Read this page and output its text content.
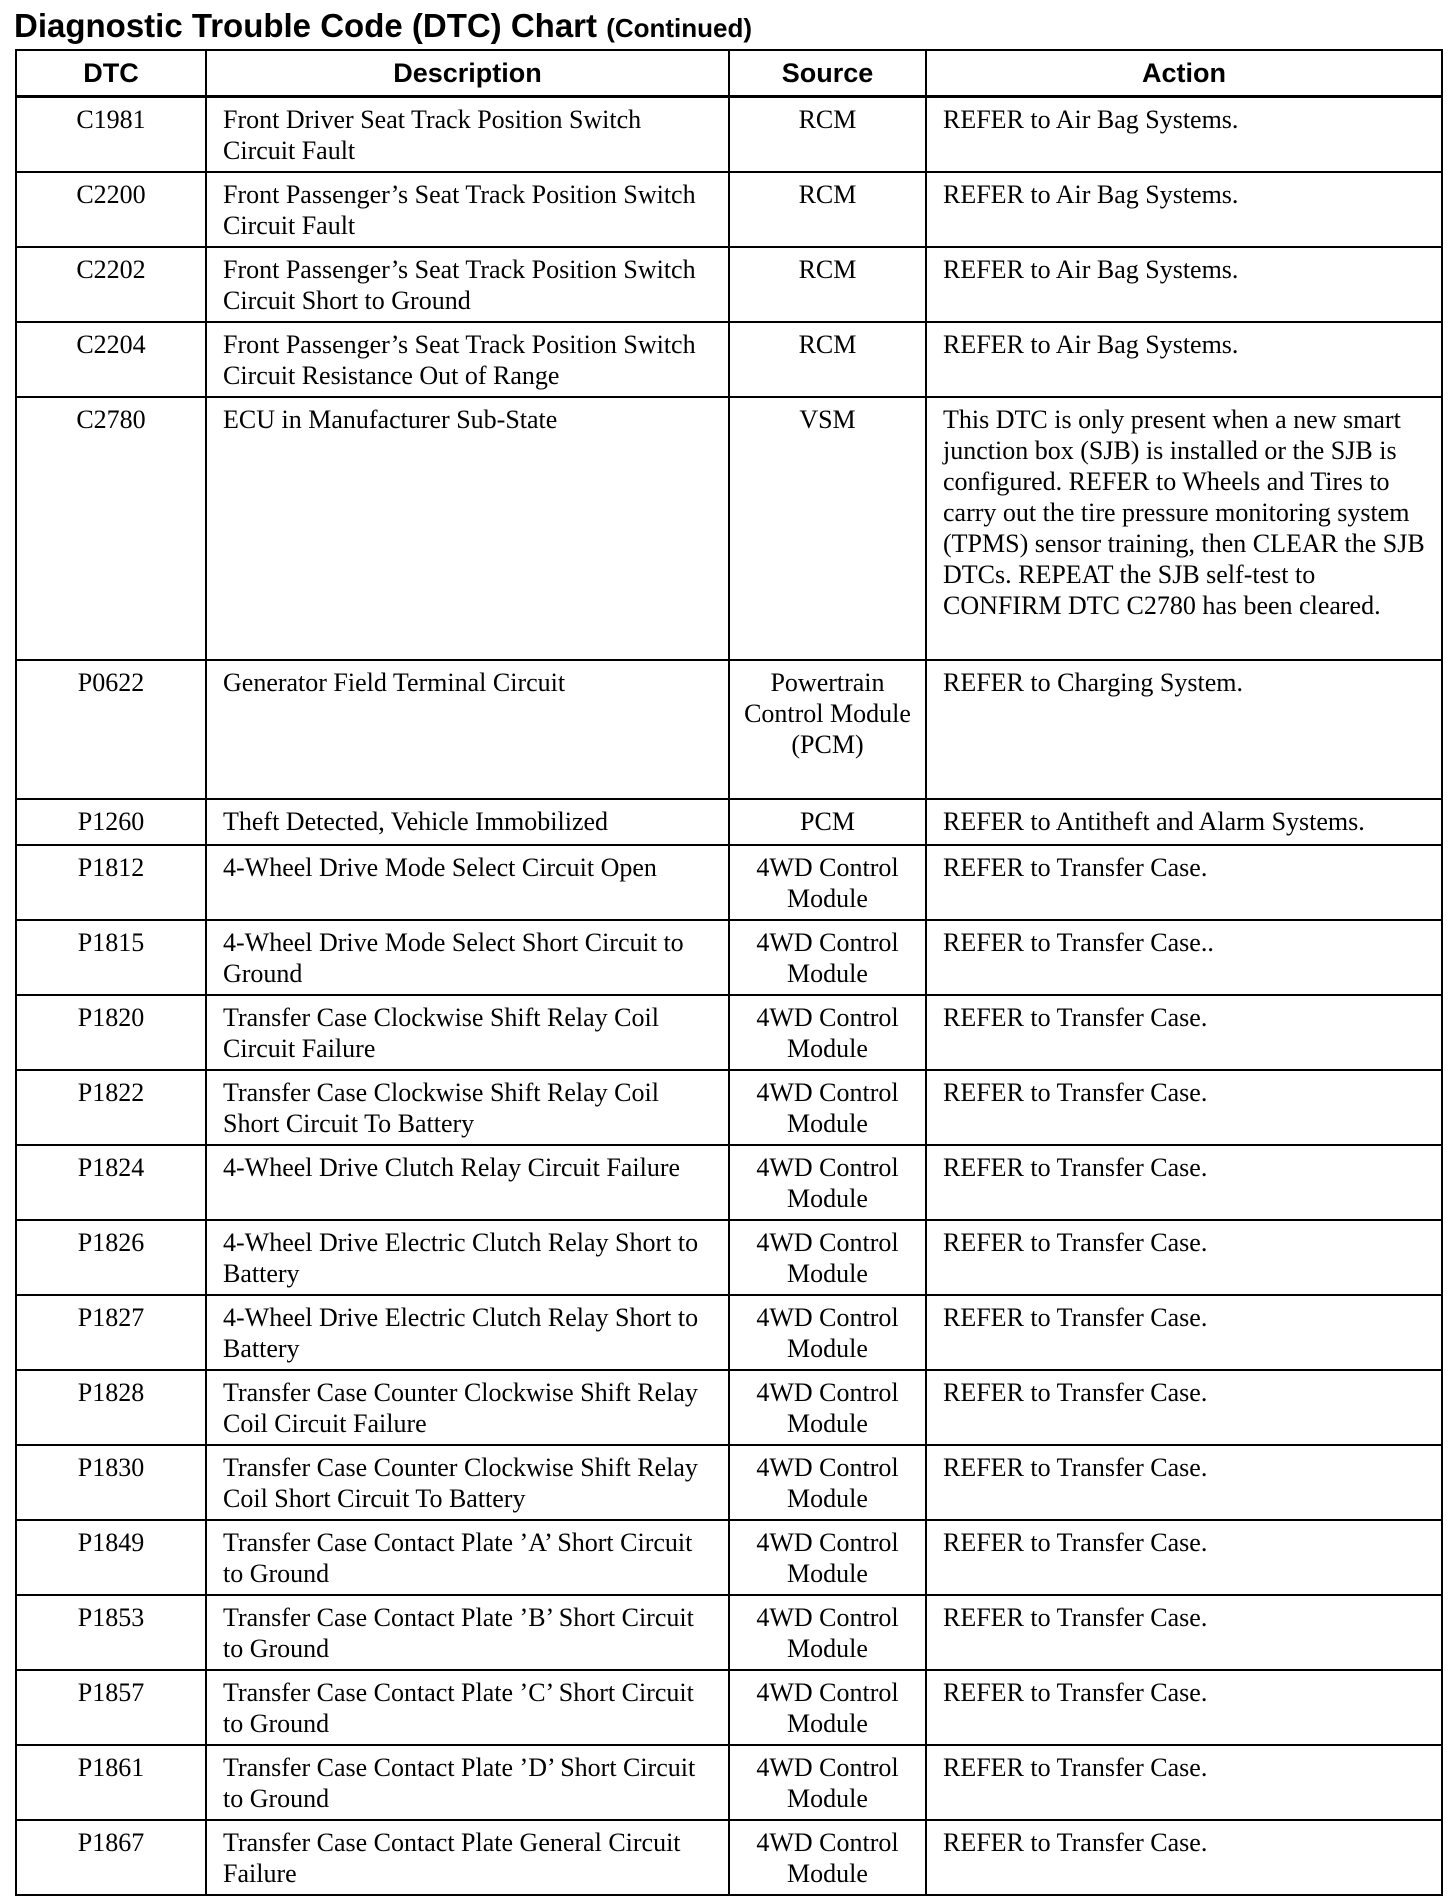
Diagnostic Trouble Code (DTC) Chart (Continued)
DTC	Description	Source	Action
C1981	Front Driver Seat Track Position Switch Circuit Fault	RCM	REFER to Air Bag Systems.
C2200	Front Passenger’s Seat Track Position Switch Circuit Fault	RCM	REFER to Air Bag Systems.
C2202	Front Passenger’s Seat Track Position Switch Circuit Short to Ground	RCM	REFER to Air Bag Systems.
C2204	Front Passenger’s Seat Track Position Switch Circuit Resistance Out of Range	RCM	REFER to Air Bag Systems.
C2780	ECU in Manufacturer Sub-State	VSM	This DTC is only present when a new smart junction box (SJB) is installed or the SJB is configured. REFER to Wheels and Tires to carry out the tire pressure monitoring system (TPMS) sensor training, then CLEAR the SJB DTCs. REPEAT the SJB self-test to CONFIRM DTC C2780 has been cleared.
P0622	Generator Field Terminal Circuit	Powertrain Control Module (PCM)	REFER to Charging System.
P1260	Theft Detected, Vehicle Immobilized	PCM	REFER to Antitheft and Alarm Systems.
P1812	4-Wheel Drive Mode Select Circuit Open	4WD Control Module	REFER to Transfer Case.
P1815	4-Wheel Drive Mode Select Short Circuit to Ground	4WD Control Module	REFER to Transfer Case..
P1820	Transfer Case Clockwise Shift Relay Coil Circuit Failure	4WD Control Module	REFER to Transfer Case.
P1822	Transfer Case Clockwise Shift Relay Coil Short Circuit To Battery	4WD Control Module	REFER to Transfer Case.
P1824	4-Wheel Drive Clutch Relay Circuit Failure	4WD Control Module	REFER to Transfer Case.
P1826	4-Wheel Drive Electric Clutch Relay Short to Battery	4WD Control Module	REFER to Transfer Case.
P1827	4-Wheel Drive Electric Clutch Relay Short to Battery	4WD Control Module	REFER to Transfer Case.
P1828	Transfer Case Counter Clockwise Shift Relay Coil Circuit Failure	4WD Control Module	REFER to Transfer Case.
P1830	Transfer Case Counter Clockwise Shift Relay Coil Short Circuit To Battery	4WD Control Module	REFER to Transfer Case.
P1849	Transfer Case Contact Plate ’A’ Short Circuit to Ground	4WD Control Module	REFER to Transfer Case.
P1853	Transfer Case Contact Plate ’B’ Short Circuit to Ground	4WD Control Module	REFER to Transfer Case.
P1857	Transfer Case Contact Plate ’C’ Short Circuit to Ground	4WD Control Module	REFER to Transfer Case.
P1861	Transfer Case Contact Plate ’D’ Short Circuit to Ground	4WD Control Module	REFER to Transfer Case.
P1867	Transfer Case Contact Plate General Circuit Failure	4WD Control Module	REFER to Transfer Case.
